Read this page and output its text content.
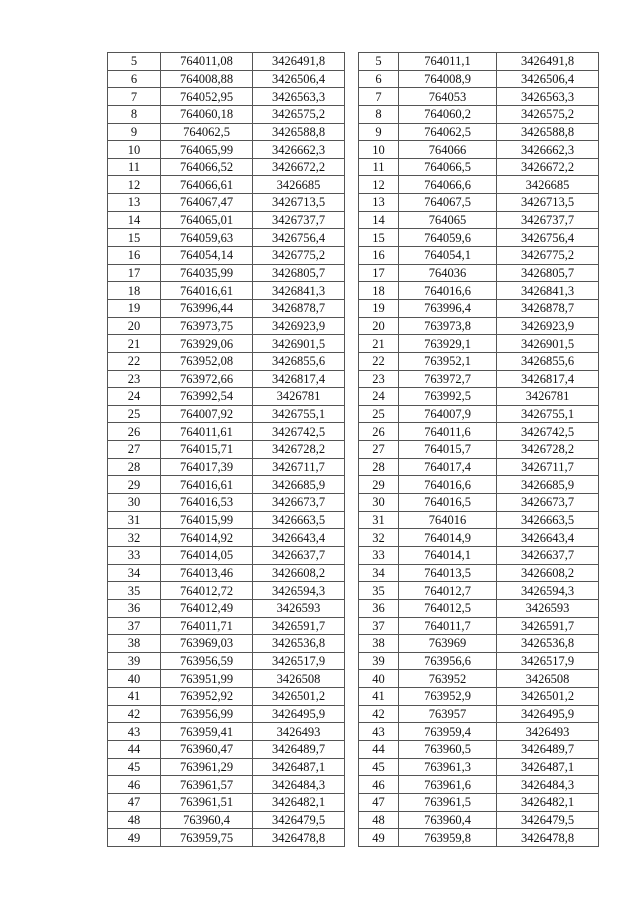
5	764011,08	3426491,8
6	764008,88	3426506,4
7	764052,95	3426563,3
8	764060,18	3426575,2
9	764062,5	3426588,8
10	764065,99	3426662,3
11	764066,52	3426672,2
12	764066,61	3426685
13	764067,47	3426713,5
14	764065,01	3426737,7
15	764059,63	3426756,4
16	764054,14	3426775,2
17	764035,99	3426805,7
18	764016,61	3426841,3
19	763996,44	3426878,7
20	763973,75	3426923,9
21	763929,06	3426901,5
22	763952,08	3426855,6
23	763972,66	3426817,4
24	763992,54	3426781
25	764007,92	3426755,1
26	764011,61	3426742,5
27	764015,71	3426728,2
28	764017,39	3426711,7
29	764016,61	3426685,9
30	764016,53	3426673,7
31	764015,99	3426663,5
32	764014,92	3426643,4
33	764014,05	3426637,7
34	764013,46	3426608,2
35	764012,72	3426594,3
36	764012,49	3426593
37	764011,71	3426591,7
38	763969,03	3426536,8
39	763956,59	3426517,9
40	763951,99	3426508
41	763952,92	3426501,2
42	763956,99	3426495,9
43	763959,41	3426493
44	763960,47	3426489,7
45	763961,29	3426487,1
46	763961,57	3426484,3
47	763961,51	3426482,1
48	763960,4	3426479,5
49	763959,75	3426478,8
5	764011,1	3426491,8
6	764008,9	3426506,4
7	764053	3426563,3
8	764060,2	3426575,2
9	764062,5	3426588,8
10	764066	3426662,3
11	764066,5	3426672,2
12	764066,6	3426685
13	764067,5	3426713,5
14	764065	3426737,7
15	764059,6	3426756,4
16	764054,1	3426775,2
17	764036	3426805,7
18	764016,6	3426841,3
19	763996,4	3426878,7
20	763973,8	3426923,9
21	763929,1	3426901,5
22	763952,1	3426855,6
23	763972,7	3426817,4
24	763992,5	3426781
25	764007,9	3426755,1
26	764011,6	3426742,5
27	764015,7	3426728,2
28	764017,4	3426711,7
29	764016,6	3426685,9
30	764016,5	3426673,7
31	764016	3426663,5
32	764014,9	3426643,4
33	764014,1	3426637,7
34	764013,5	3426608,2
35	764012,7	3426594,3
36	764012,5	3426593
37	764011,7	3426591,7
38	763969	3426536,8
39	763956,6	3426517,9
40	763952	3426508
41	763952,9	3426501,2
42	763957	3426495,9
43	763959,4	3426493
44	763960,5	3426489,7
45	763961,3	3426487,1
46	763961,6	3426484,3
47	763961,5	3426482,1
48	763960,4	3426479,5
49	763959,8	3426478,8
